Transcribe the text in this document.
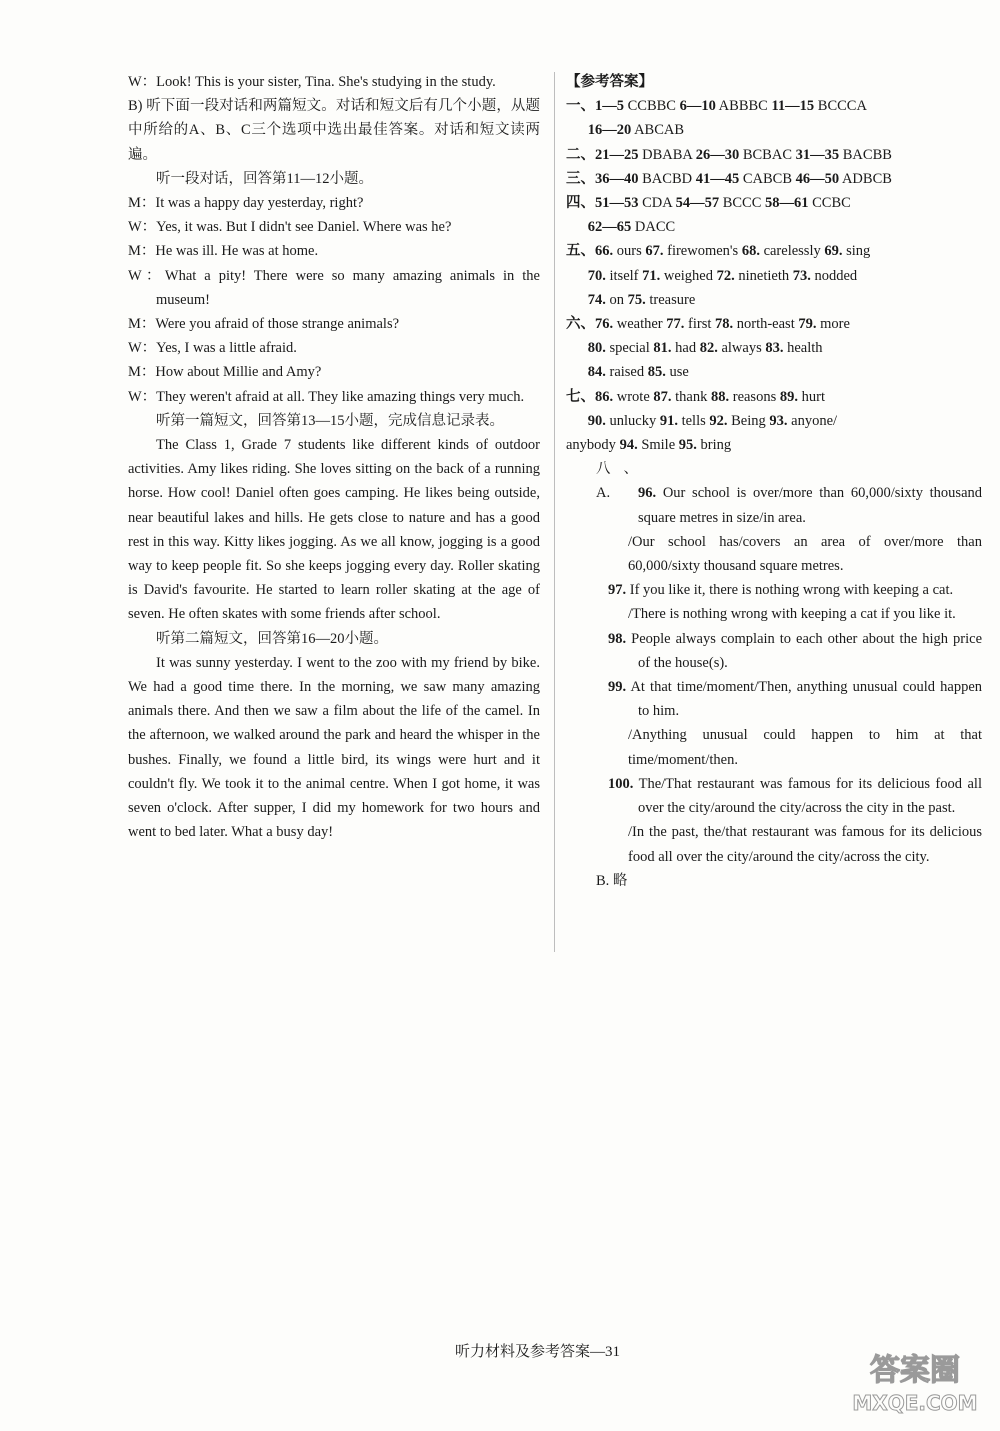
W：Look! This is your sister, Tina. She's studying in the study.

B) 听下面一段对话和两篇短文。对话和短文后有几个小题，从题中所给的A、B、C三个选项中选出最佳答案。对话和短文读两遍。

听一段对话，回答第11—12小题。

M：It was a happy day yesterday, right?

W：Yes, it was. But I didn't see Daniel. Where was he?

M：He was ill. He was at home.

W：What a pity! There were so many amazing animals in the museum!

M：Were you afraid of those strange animals?

W：Yes, I was a little afraid.

M：How about Millie and Amy?

W：They weren't afraid at all. They like amazing things very much.

听第一篇短文，回答第13—15小题，完成信息记录表。

The Class 1, Grade 7 students like different kinds of outdoor activities. Amy likes riding. She loves sitting on the back of a running horse. How cool! Daniel often goes camping. He likes being outside, near beautiful lakes and hills. He gets close to nature and has a good rest in this way. Kitty likes jogging. As we all know, jogging is a good way to keep people fit. So she keeps jogging every day. Roller skating is David's favourite. He started to learn roller skating at the age of seven. He often skates with some friends after school.

听第二篇短文，回答第16—20小题。

It was sunny yesterday. I went to the zoo with my friend by bike. We had a good time there. In the morning, we saw many amazing animals there. And then we saw a film about the life of the camel. In the afternoon, we walked around the park and heard the whisper in the bushes. Finally, we found a little bird, its wings were hurt and it couldn't fly. We took it to the animal centre. When I got home, it was seven o'clock. After supper, I did my homework for two hours and went to bed later. What a busy day!

【参考答案】

一、1—5 CCBBC 6—10 ABBBC 11—15 BCCCA

  16—20 ABCAB

二、21—25 DBABA 26—30 BCBAC 31—35 BACBB

三、36—40 BACBD 41—45 CABCB 46—50 ADBCB

四、51—53 CDA 54—57 BCCC 58—61 CCBC

  62—65 DACC

五、66. ours 67. firewomen's 68. carelessly 69. sing

  70. itself 71. weighed 72. ninetieth 73. nodded

  74. on 75. treasure

六、76. weather 77. first 78. north-east 79. more

  80. special 81. had 82. always 83. health

  84. raised 85. use

七、86. wrote 87. thank 88. reasons 89. hurt

  90. unlucky 91. tells 92. Being 93. anyone/

anybody 94. Smile 95. bring

八、A. 96. Our school is over/more than 60,000/sixty thousand square metres in size/in area.

/Our school has/covers an area of over/more than 60,000/sixty thousand square metres.

97. If you like it, there is nothing wrong with keeping a cat.

/There is nothing wrong with keeping a cat if you like it.

98. People always complain to each other about the high price of the house(s).

99. At that time/moment/Then, anything unusual could happen to him.

/Anything unusual could happen to him at that time/moment/then.

100. The/That restaurant was famous for its delicious food all over the city/around the city/across the city in the past.

/In the past, the/that restaurant was famous for its delicious food all over the city/around the city/across the city.

B. 略

听力材料及参考答案—31
答案圈
MXQE.COM
